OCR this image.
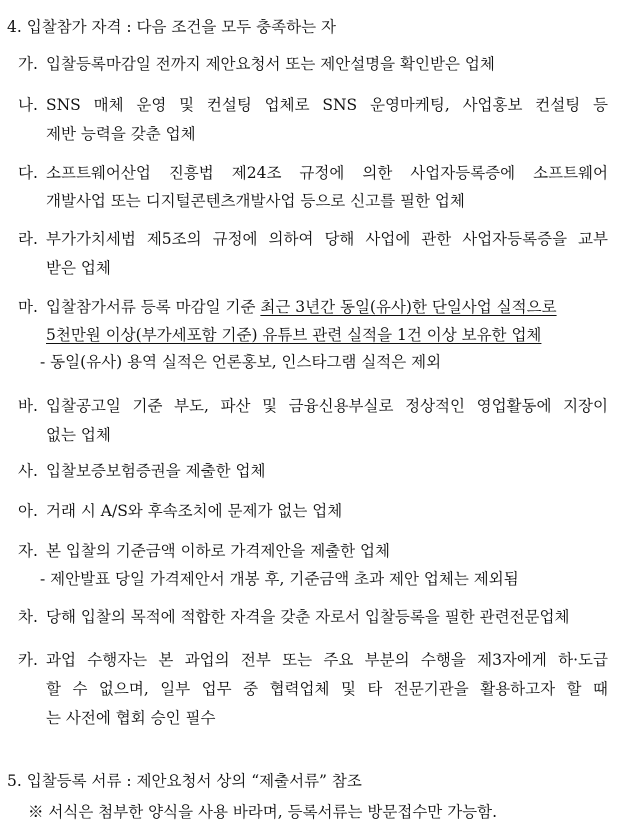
4. 입찰참가 자격 : 다음 조건을 모두 충족하는 자
가. 입찰등록마감일 전까지 제안요청서 또는 제안설명을 확인받은 업체
나. SNS 매체 운영 및 컨설팅 업체로 SNS 운영마케팅, 사업홍보 컨설팅 등
제반 능력을 갖춘 업체
다. 소프트웨어산업 진흥법 제24조 규정에 의한 사업자등록증에 소프트웨어
개발사업 또는 디지털콘텐츠개발사업 등으로 신고를 필한 업체
라. 부가가치세법 제5조의 규정에 의하여 당해 사업에 관한 사업자등록증을 교부
받은 업체
마. 입찰참가서류 등록 마감일 기준 최근 3년간 동일(유사)한 단일사업 실적으로
5천만원 이상(부가세포함 기준) 유튜브 관련 실적을 1건 이상 보유한 업체
- 동일(유사) 용역 실적은 언론홍보, 인스타그램 실적은 제외
바. 입찰공고일 기준 부도, 파산 및 금융신용부실로 정상적인 영업활동에 지장이
없는 업체
사. 입찰보증보험증권을 제출한 업체
아. 거래 시 A/S와 후속조치에 문제가 없는 업체
자. 본 입찰의 기준금액 이하로 가격제안을 제출한 업체
- 제안발표 당일 가격제안서 개봉 후, 기준금액 초과 제안 업체는 제외됨
차. 당해 입찰의 목적에 적합한 자격을 갖춘 자로서 입찰등록을 필한 관련전문업체
카. 과업 수행자는 본 과업의 전부 또는 주요 부분의 수행을 제3자에게 하·도급
할 수 없으며, 일부 업무 중 협력업체 및 타 전문기관을 활용하고자 할 때
는 사전에 협회 승인 필수
5. 입찰등록 서류 : 제안요청서 상의 “제출서류” 참조
※ 서식은 첨부한 양식을 사용 바라며, 등록서류는 방문접수만 가능함.
